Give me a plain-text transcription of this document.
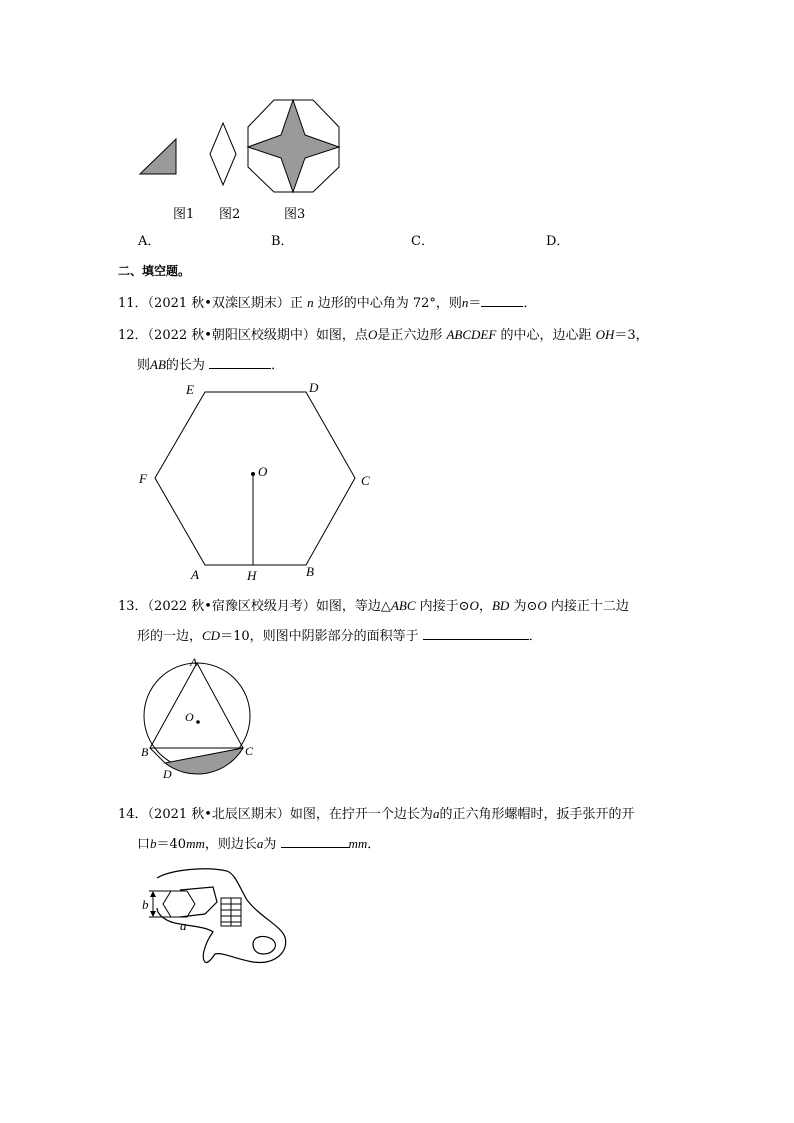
图1 图2	图3
A．	B．	C．	D．
二、填空题。
11．（2021 秋•双滦区期末）正 n 边形的中心角为 72°，则n＝	．
12．（2022 秋•朝阳区校级期中）如图，点O是正六边形 ABCDEF 的中心，边心距 OH＝3，
则AB的长为	．
E	D
F	C
O
A	H	B
13．（2022 秋•宿豫区校级月考）如图，等边△ABC 内接于⊙O，BD 为⊙O 内接正十二边
形的一边，CD＝10，则图中阴影部分的面积等于	．
A
O
B	C
D
14．（2021 秋•北辰区期末）如图，在拧开一个边长为a的正六角形螺帽时，扳手张开的开
口b＝40mm，则边长a为	mm．
b
a
